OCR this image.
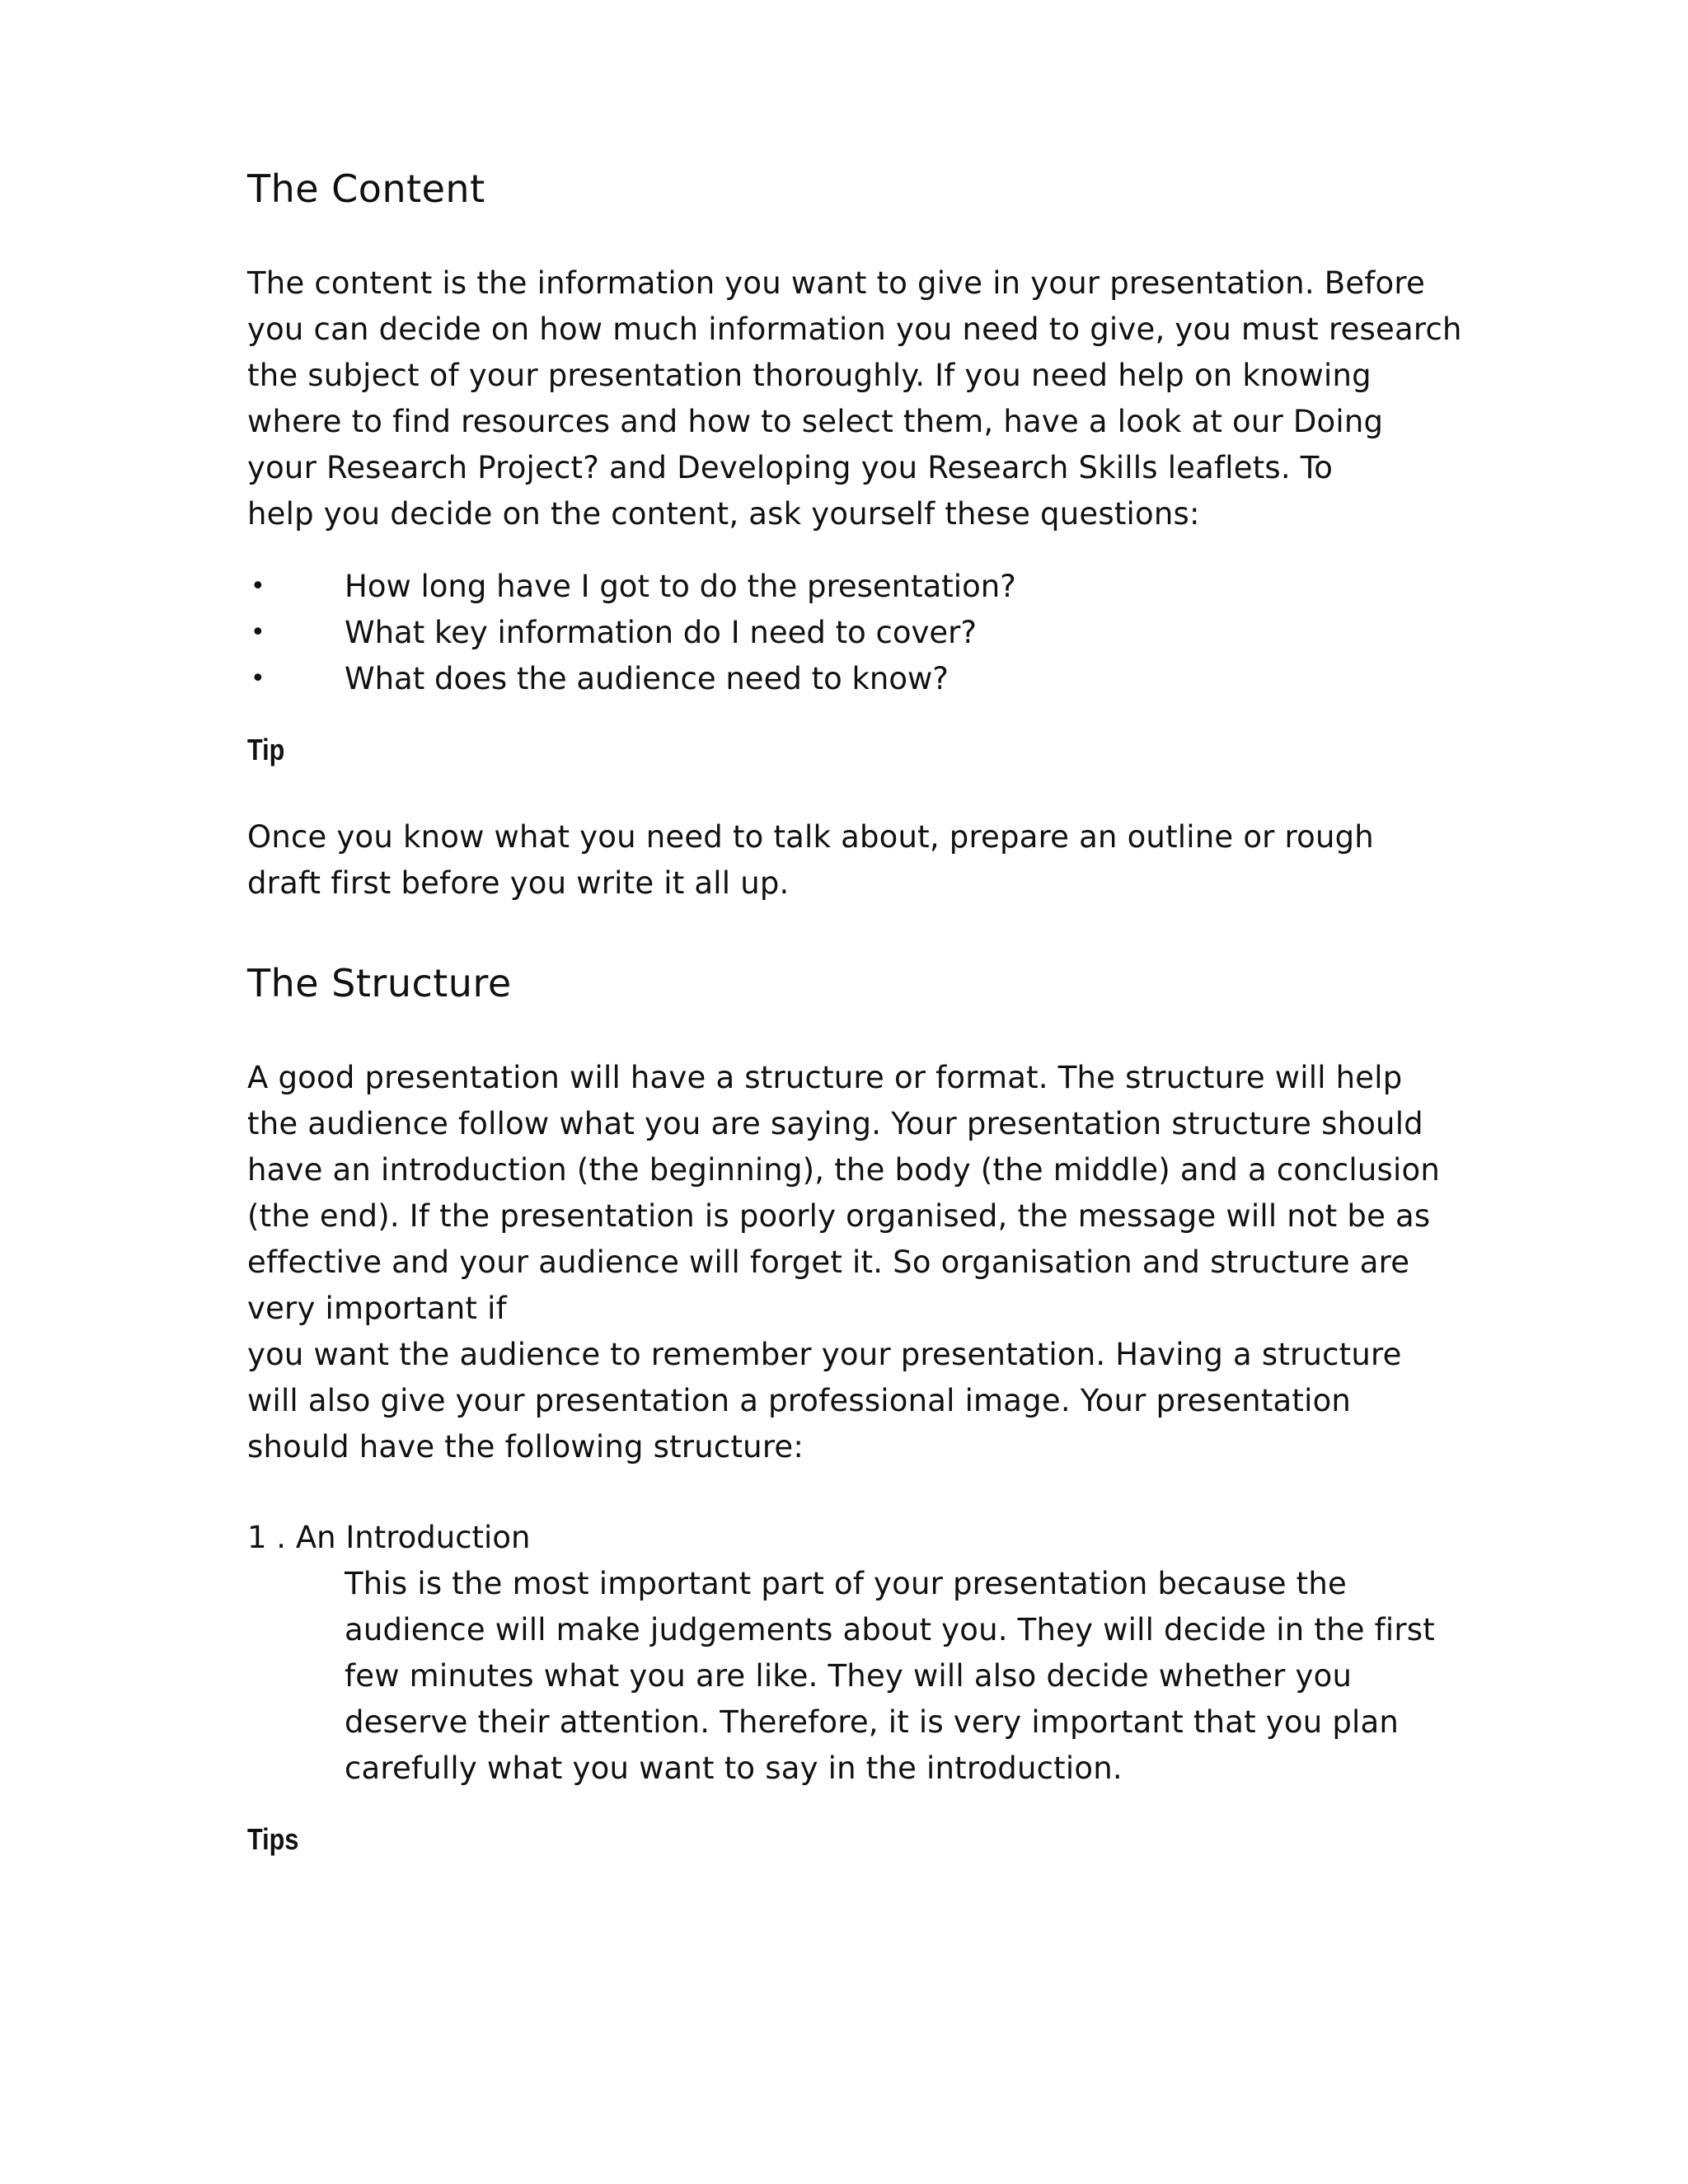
The Content

The content is the information you want to give in your presentation. Before
you can decide on how much information you need to give, you must research
the subject of your presentation thoroughly. If you need help on knowing
where to find resources and how to select them, have a look at our Doing
your Research Project? and Developing you Research Skills leaflets. To
help you decide on the content, ask yourself these questions:

•	How long have I got to do the presentation?
•	What key information do I need to cover?
•	What does the audience need to know?

Tip

Once you know what you need to talk about, prepare an outline or rough
draft first before you write it all up.

The Structure

A good presentation will have a structure or format. The structure will help
the audience follow what you are saying. Your presentation structure should
have an introduction (the beginning), the body (the middle) and a conclusion
(the end). If the presentation is poorly organised, the message will not be as
effective and your audience will forget it. So organisation and structure are
very important if
you want the audience to remember your presentation. Having a structure
will also give your presentation a professional image. Your presentation
should have the following structure:

1 . An Introduction

This is the most important part of your presentation because the
audience will make judgements about you. They will decide in the first
few minutes what you are like. They will also decide whether you
deserve their attention. Therefore, it is very important that you plan
carefully what you want to say in the introduction.

Tips
